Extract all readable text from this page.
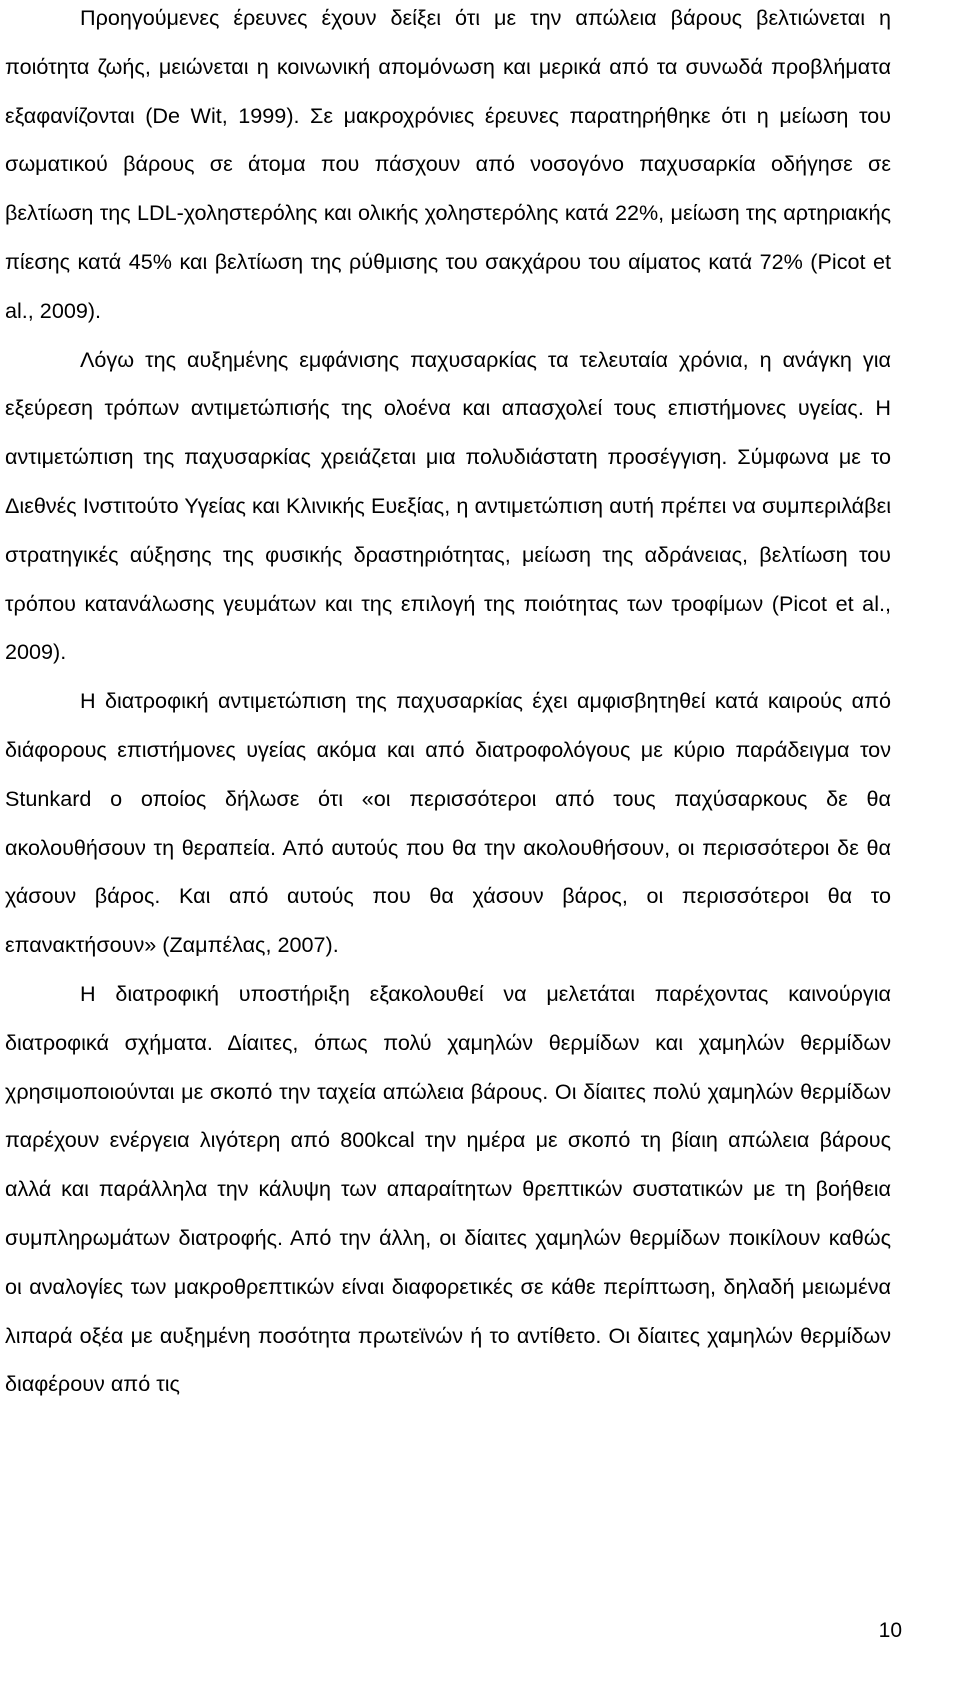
Προηγούμενες έρευνες έχουν δείξει ότι με την απώλεια βάρους βελτιώνεται η ποιότητα ζωής, μειώνεται η κοινωνική απομόνωση και μερικά από τα συνωδά προβλήματα εξαφανίζονται (De Wit, 1999). Σε μακροχρόνιες έρευνες παρατηρήθηκε ότι η μείωση του σωματικού βάρους σε άτομα που πάσχουν από νοσογόνο παχυσαρκία οδήγησε σε βελτίωση της LDL-χοληστερόλης και ολικής χοληστερόλης κατά 22%, μείωση της αρτηριακής πίεσης κατά 45% και βελτίωση της ρύθμισης του σακχάρου του αίματος κατά 72% (Picot et al., 2009).

Λόγω της αυξημένης εμφάνισης παχυσαρκίας τα τελευταία χρόνια, η ανάγκη για εξεύρεση τρόπων αντιμετώπισής της ολοένα και απασχολεί τους επιστήμονες υγείας. Η αντιμετώπιση της παχυσαρκίας χρειάζεται μια πολυδιάστατη προσέγγιση. Σύμφωνα με το Διεθνές Ινστιτούτο Υγείας και Κλινικής Ευεξίας, η αντιμετώπιση αυτή πρέπει να συμπεριλάβει στρατηγικές αύξησης της φυσικής δραστηριότητας, μείωση της αδράνειας, βελτίωση του τρόπου κατανάλωσης γευμάτων και της επιλογή της ποιότητας των τροφίμων (Picot et al., 2009).

Η διατροφική αντιμετώπιση της παχυσαρκίας έχει αμφισβητηθεί κατά καιρούς από διάφορους επιστήμονες υγείας ακόμα και από διατροφολόγους με κύριο παράδειγμα τον Stunkard ο οποίος δήλωσε ότι «οι περισσότεροι από τους παχύσαρκους δε θα ακολουθήσουν τη θεραπεία. Από αυτούς που θα την ακολουθήσουν, οι περισσότεροι δε θα χάσουν βάρος. Και από αυτούς που θα χάσουν βάρος, οι περισσότεροι θα το επανακτήσουν» (Ζαμπέλας, 2007).

Η διατροφική υποστήριξη εξακολουθεί να μελετάται παρέχοντας καινούργια διατροφικά σχήματα. Δίαιτες, όπως πολύ χαμηλών θερμίδων και χαμηλών θερμίδων χρησιμοποιούνται με σκοπό την ταχεία απώλεια βάρους. Οι δίαιτες πολύ χαμηλών θερμίδων παρέχουν ενέργεια λιγότερη από 800kcal την ημέρα με σκοπό τη βίαιη απώλεια βάρους αλλά και παράλληλα την κάλυψη των απαραίτητων θρεπτικών συστατικών με τη βοήθεια συμπληρωμάτων διατροφής. Από την άλλη, οι δίαιτες χαμηλών θερμίδων ποικίλουν καθώς οι αναλογίες των μακροθρεπτικών είναι διαφορετικές σε κάθε περίπτωση, δηλαδή μειωμένα λιπαρά οξέα με αυξημένη ποσότητα πρωτεϊνών ή το αντίθετο. Οι δίαιτες χαμηλών θερμίδων διαφέρουν από τις

10
